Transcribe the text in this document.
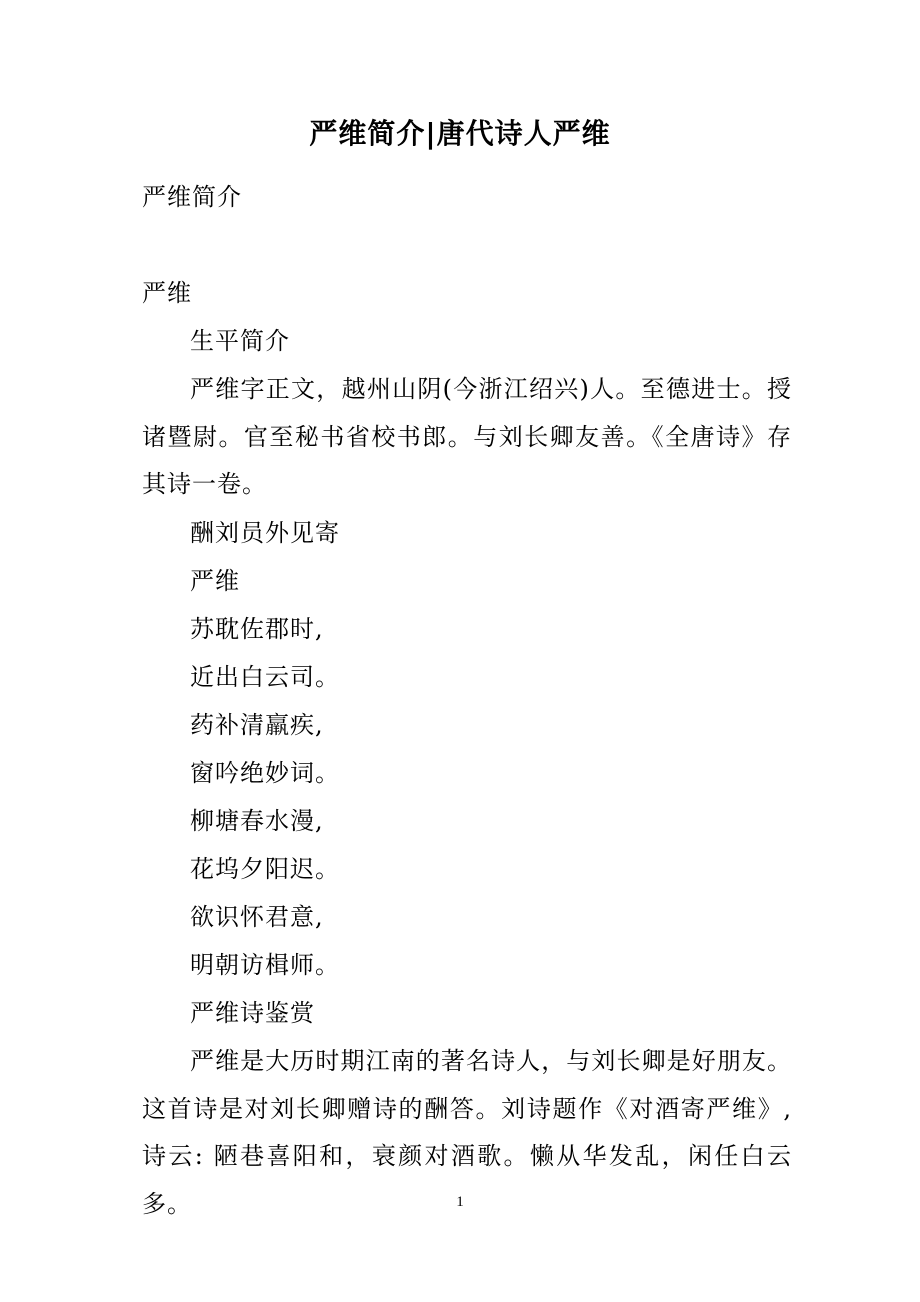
严维简介|唐代诗人严维
严维简介
严维
生平简介
严维字正文，越州山阴(今浙江绍兴)人。至德进士。授诸暨尉。官至秘书省校书郎。与刘长卿友善。《全唐诗》存其诗一卷。
酬刘员外见寄
严维
苏耽佐郡时,
近出白云司。
药补清羸疾,
窗吟绝妙词。
柳塘春水漫,
花坞夕阳迟。
欲识怀君意,
明朝访楫师。
严维诗鉴赏
严维是大历时期江南的著名诗人，与刘长卿是好朋友。这首诗是对刘长卿赠诗的酬答。刘诗题作《对酒寄严维》,诗云: 陋巷喜阳和，衰颜对酒歌。懒从华发乱，闲任白云多。	1
